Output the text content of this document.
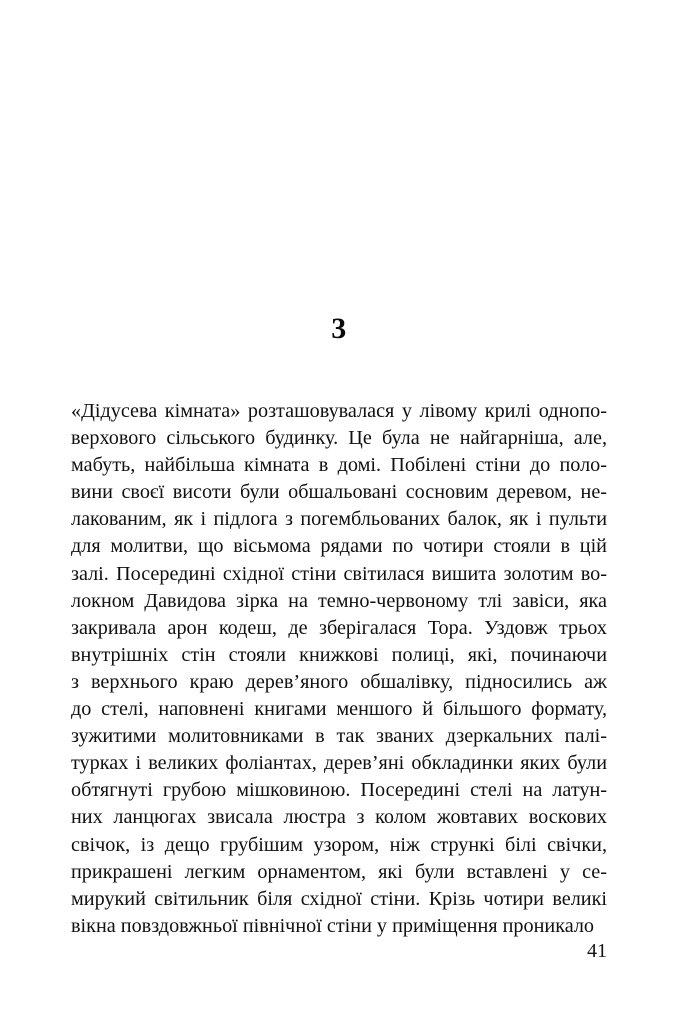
3

«Дідусева кімната» розташовувалася у лівому крилі однопо-
верхового сільського будинку. Це була не найгарніша, але,
мабуть, найбільша кімната в домі. Побілені стіни до поло-
вини своєї висоти були обшальовані сосновим деревом, не-
лакованим, як і підлога з погембльованих балок, як і пульти
для молитви, що вісьмома рядами по чотири стояли в цій
залі. Посередині східної стіни світилася вишита золотим во-
локном Давидова зірка на темно-червоному тлі завіси, яка
закривала арон кодеш, де зберігалася Тора. Уздовж трьох
внутрішніх стін стояли книжкові полиці, які, починаючи
з верхнього краю дерев’яного обшалівку, підносились аж
до стелі, наповнені книгами меншого й більшого формату,
зужитими молитовниками в так званих дзеркальних палі-
турках і великих фоліантах, дерев’яні обкладинки яких були
обтягнуті грубою мішковиною. Посередині стелі на латун-
них ланцюгах звисала люстра з колом жовтавих воскових
свічок, із дещо грубішим узором, ніж стрункі білі свічки,
прикрашені легким орнаментом, які були вставлені у се-
мирукий світильник біля східної стіни. Крізь чотири великі
вікна повздовжньої північної стіни у приміщення проникало

41
